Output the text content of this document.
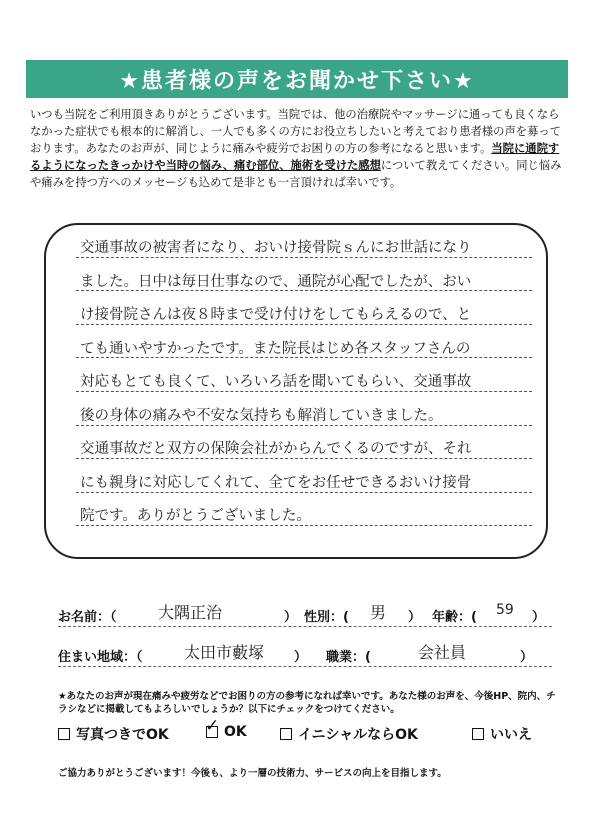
★患者様の声をお聞かせ下さい★

いつも当院をご利用頂きありがとうございます。当院では、他の治療院やマッサージに通っても良くならなかった症状でも根本的に解消し、一人でも多くの方にお役立ちしたいと考えており患者様の声を募っております。あなたのお声が、同じように痛みや疲労でお困りの方の参考になると思います。当院に通院するようになったきっかけや当時の悩み、痛む部位、施術を受けた感想について教えてください。同じ悩みや痛みを持つ方へのメッセージも込めて是非とも一言頂ければ幸いです。

交通事故の被害者になり、おいけ接骨院ｓんにお世話になり
ました。日中は毎日仕事なので、通院が心配でしたが、おい
け接骨院さんは夜８時まで受け付けをしてもらえるので、と
ても通いやすかったです。また院長はじめ各スタッフさんの
対応もとても良くて、いろいろ話を聞いてもらい、交通事故
後の身体の痛みや不安な気持ちも解消していきました。
交通事故だと双方の保険会社がからんでくるのですが、それ
にも親身に対応してくれて、全てをお任せできるおいけ接骨
院です。ありがとうございました。
お名前：（	大隅正治	） 性別：( 男 ） 年齢：( 59 ）
住まい地域：（	太田市藪塚 ） 職業：(	会社員	）

★あなたのお声が現在痛みや疲労などでお困りの方の参考になれば幸いです。あなた様のお声を、今後HP、院内、チラシなどに掲載してもよろしいでしょうか？以下にチェックをつけてください。

写真つきでOK ✓ OK	イニシャルならOK	いいえ
ご協力ありがとうございます！今後も、より一層の技術力、サービスの向上を目指します。
